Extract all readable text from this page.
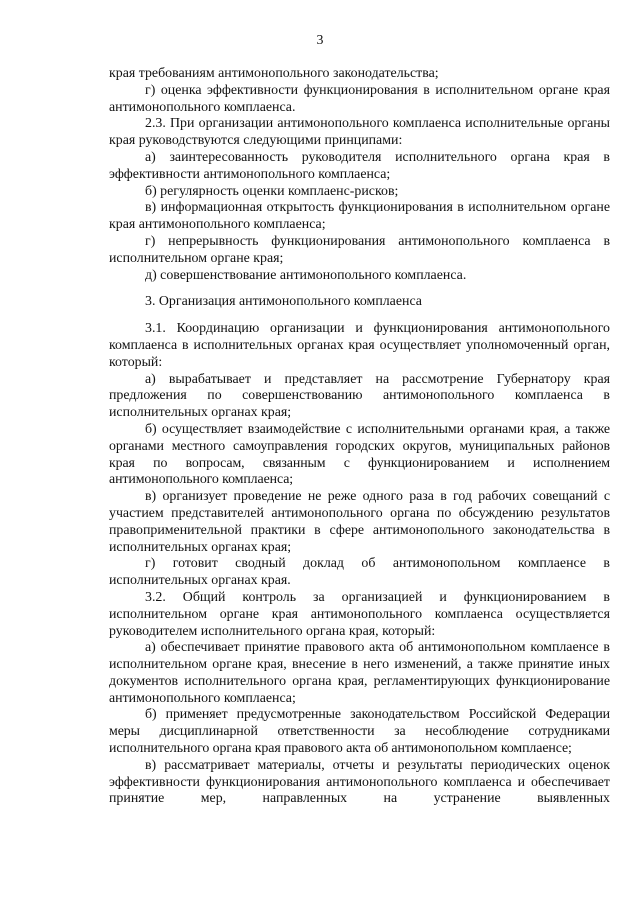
3

края требованиям антимонопольного законодательства;

г) оценка эффективности функционирования в исполнительном органе края антимонопольного комплаенса.

2.3. При организации антимонопольного комплаенса исполнительные органы края руководствуются следующими принципами:

а) заинтересованность руководителя исполнительного органа края в эффективности антимонопольного комплаенса;

б) регулярность оценки комплаенс-рисков;

в) информационная открытость функционирования в исполнительном органе края антимонопольного комплаенса;

г) непрерывность функционирования антимонопольного комплаенса в исполнительном органе края;

д) совершенствование антимонопольного комплаенса.

3. Организация антимонопольного комплаенса

3.1. Координацию организации и функционирования антимонопольного комплаенса в исполнительных органах края осуществляет уполномоченный орган, который:

а) вырабатывает и представляет на рассмотрение Губернатору края предложения по совершенствованию антимонопольного комплаенса в исполнительных органах края;

б) осуществляет взаимодействие с исполнительными органами края, а также органами местного самоуправления городских округов, муниципальных районов края по вопросам, связанным с функционированием и исполнением антимонопольного комплаенса;

в) организует проведение не реже одного раза в год рабочих совещаний с участием представителей антимонопольного органа по обсуждению результатов правоприменительной практики в сфере антимонопольного законодательства в исполнительных органах края;

г) готовит сводный доклад об антимонопольном комплаенсе в исполнительных органах края.

3.2. Общий контроль за организацией и функционированием в исполнительном органе края антимонопольного комплаенса осуществляется руководителем исполнительного органа края, который:

а) обеспечивает принятие правового акта об антимонопольном комплаенсе в исполнительном органе края, внесение в него изменений, а также принятие иных документов исполнительного органа края, регламентирующих функционирование антимонопольного комплаенса;

б) применяет предусмотренные законодательством Российской Федерации меры дисциплинарной ответственности за несоблюдение сотрудниками исполнительного органа края правового акта об антимонопольном комплаенсе;

в) рассматривает материалы, отчеты и результаты периодических оценок эффективности функционирования антимонопольного комплаенса и обеспечивает принятие мер, направленных на устранение выявленных
